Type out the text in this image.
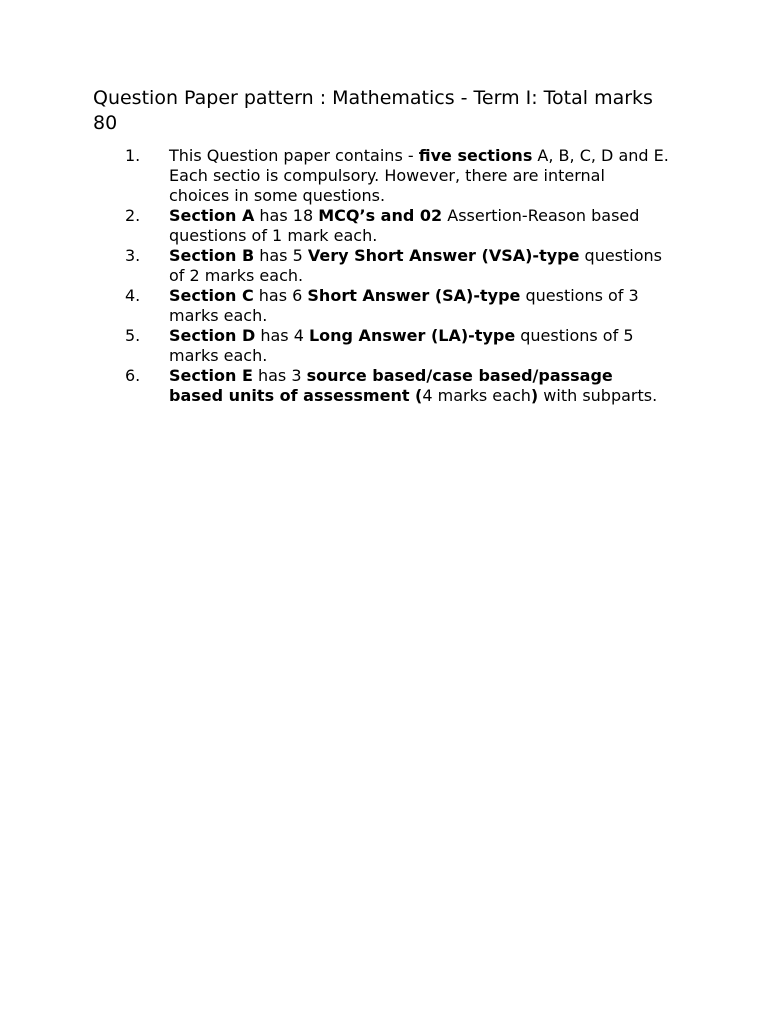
Question Paper pattern : Mathematics - Term I: Total marks 80
1. This Question paper contains - five sections A, B, C, D and E. Each sectio is compulsory. However, there are internal choices in some questions.
2. Section A has 18 MCQ’s and 02 Assertion-Reason based questions of 1 mark each.
3. Section B has 5 Very Short Answer (VSA)-type questions of 2 marks each.
4. Section C has 6 Short Answer (SA)-type questions of 3 marks each.
5. Section D has 4 Long Answer (LA)-type questions of 5 marks each.
6. Section E has 3 source based/case based/passage based units of assessment (4 marks each) with subparts.
